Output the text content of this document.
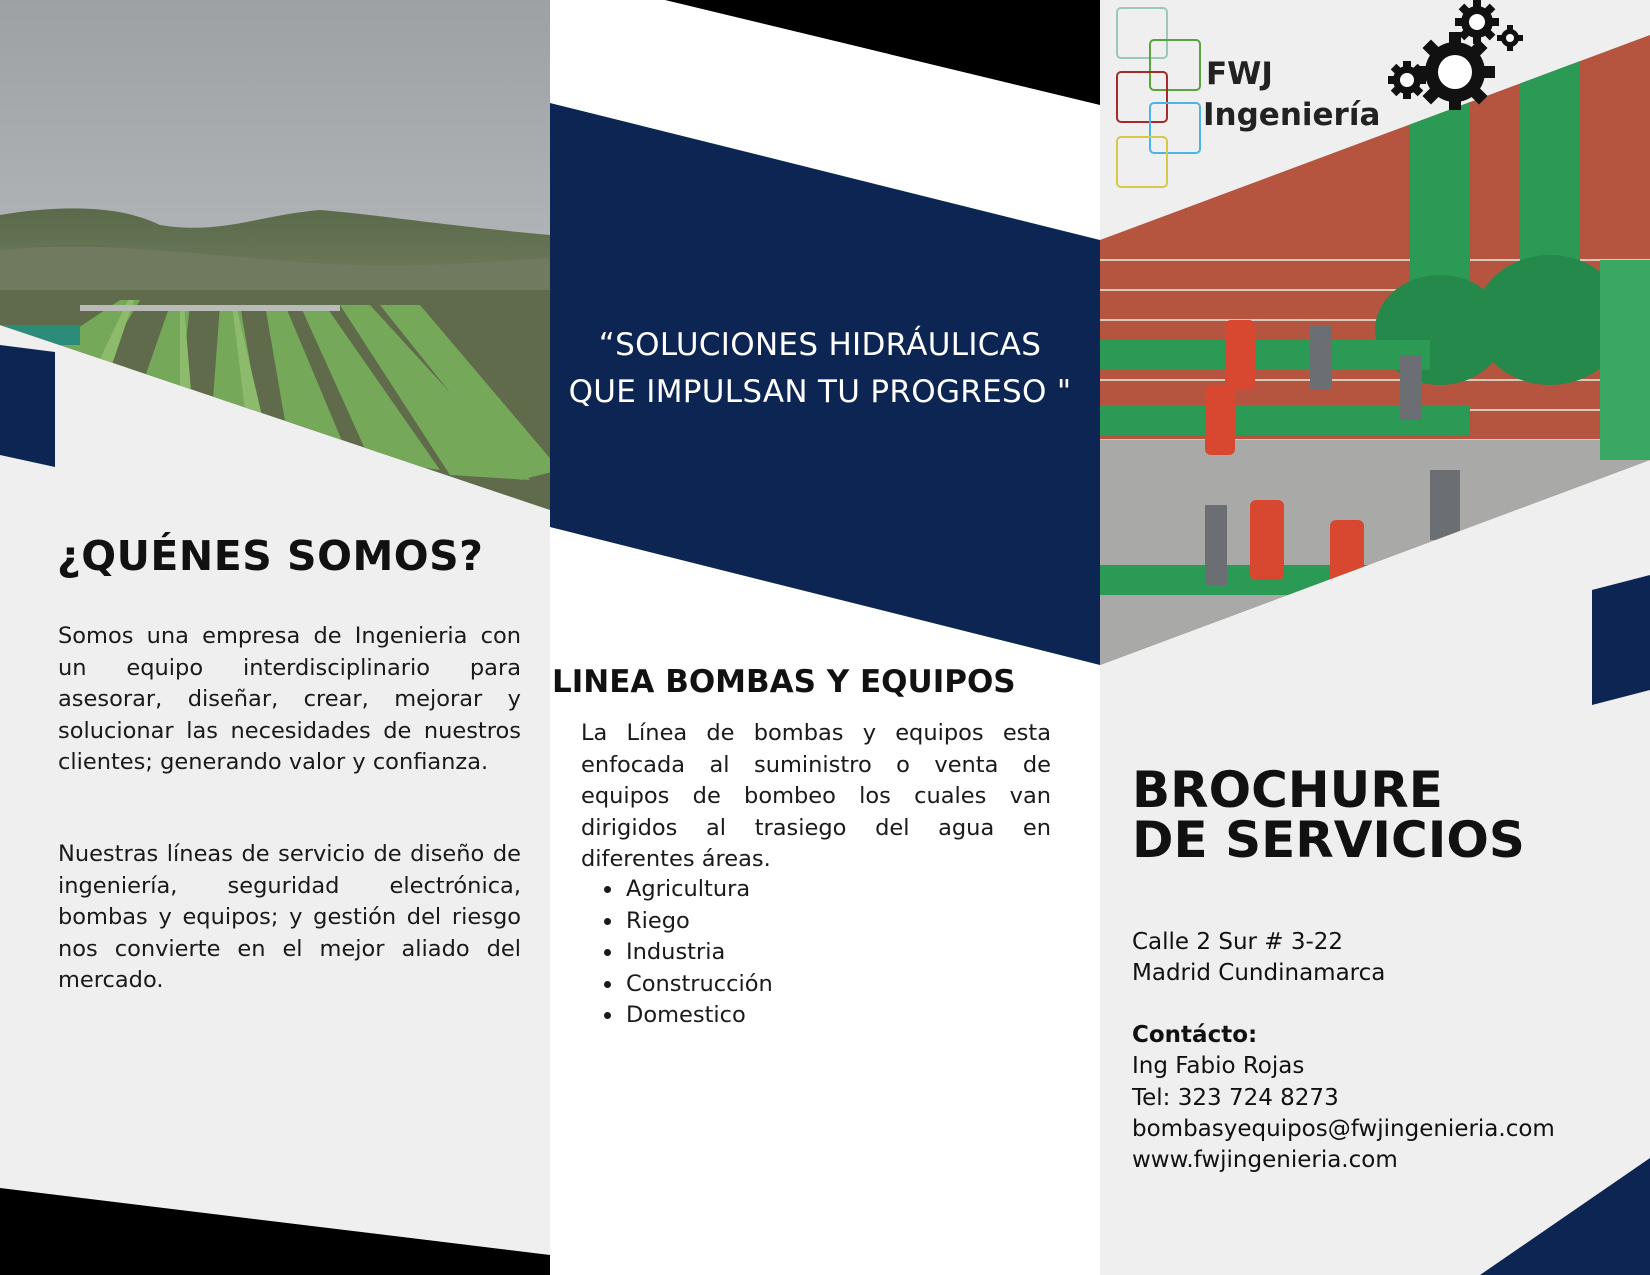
FWJ

Ingeniería

¿QUÉNES SOMOS?

Somos una empresa de Ingenieria con un equipo interdisciplinario para asesorar, diseñar, crear, mejorar y solucionar las necesidades de nuestros clientes; generando valor y confianza.

Nuestras líneas de servicio de diseño de ingeniería, seguridad electrónica, bombas y equipos; y gestión del riesgo nos convierte en el mejor aliado del mercado.

“SOLUCIONES HIDRÁULICAS QUE IMPULSAN TU PROGRESO "

LINEA BOMBAS Y EQUIPOS

La Línea de bombas y equipos esta enfocada al suministro o venta de equipos de bombeo los cuales van dirigidos al trasiego del agua en diferentes áreas.

• Agricultura
• Riego
• Industria
• Construcción
• Domestico
BROCHURE
DE SERVICIOS

Calle 2 Sur # 3-22
Madrid Cundinamarca

Contácto:
Ing Fabio Rojas
Tel: 323 724 8273
bombasyequipos@fwjingenieria.com
www.fwjingenieria.com
